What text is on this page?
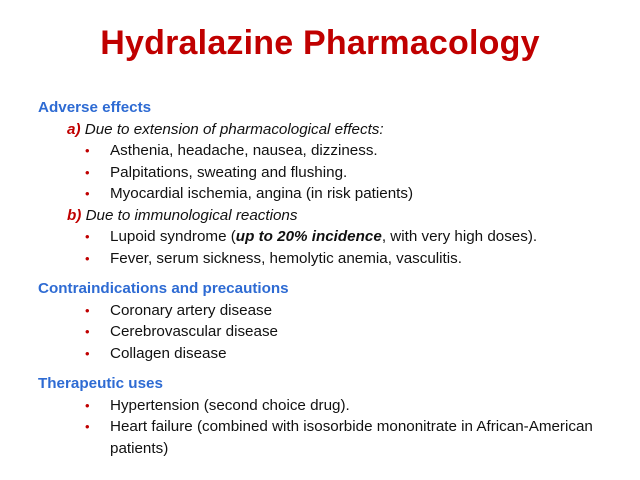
Hydralazine Pharmacology
Adverse effects
a) Due to extension of pharmacological effects:
• Asthenia, headache, nausea, dizziness.
• Palpitations, sweating and flushing.
• Myocardial ischemia, angina (in risk patients)
b) Due to immunological reactions
• Lupoid syndrome (up to 20% incidence, with very high doses).
• Fever, serum sickness, hemolytic anemia, vasculitis.
Contraindications and precautions
• Coronary artery disease
• Cerebrovascular disease
• Collagen disease
Therapeutic uses
• Hypertension (second choice drug).
• Heart failure (combined with isosorbide mononitrate in African-American patients)
